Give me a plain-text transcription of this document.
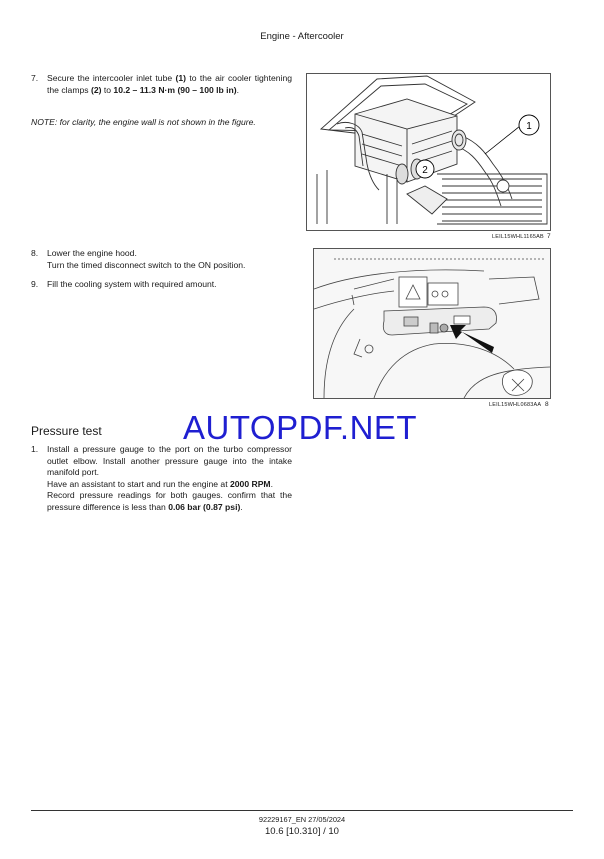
Engine - Aftercooler
7. Secure the intercooler inlet tube (1) to the air cooler tightening the clamps (2) to 10.2 – 11.3 N·m (90 – 100 lb in).
NOTE: for clarity, the engine wall is not shown in the figure.	1
2
LEIL15WHL1165AB 7
8. Lower the engine hood.
Turn the timed disconnect switch to the ON position.
9. Fill the cooling system with required amount.
LEIL15WHL0683AA 8
Pressure test AUTOPDF.NET
1. Install a pressure gauge to the port on the turbo compressor outlet elbow. Install another pressure gauge into the intake manifold port.
Have an assistant to start and run the engine at 2000 RPM.
Record pressure readings for both gauges. confirm that the pressure difference is less than 0.06 bar (0.87 psi).
92229167_EN 27/05/2024
10.6 [10.310] / 10
